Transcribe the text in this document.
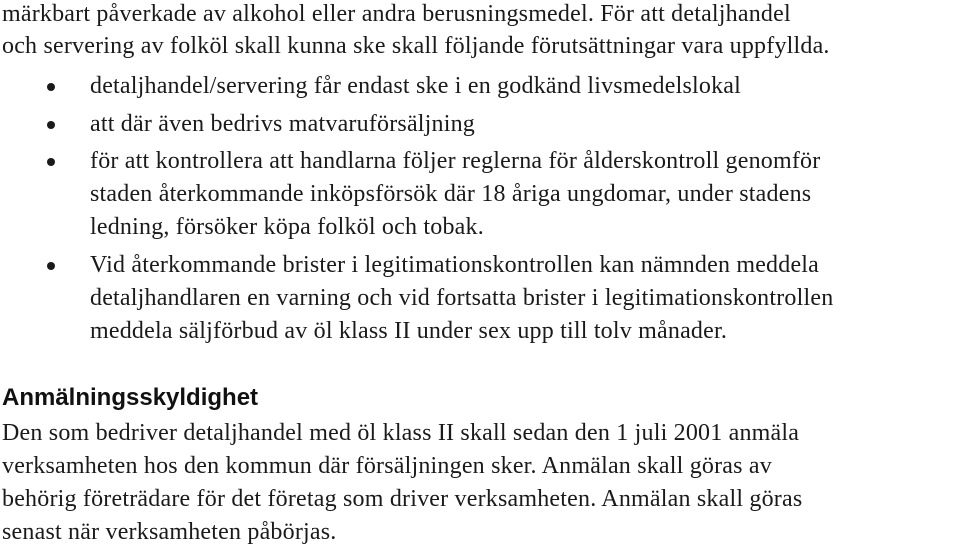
märkbart påverkade av alkohol eller andra berusningsmedel. För att detaljhandel
och servering av folköl skall kunna ske skall följande förutsättningar vara uppfyllda.
detaljhandel/servering får endast ske i en godkänd livsmedelslokal
att där även bedrivs matvaruförsäljning
för att kontrollera att handlarna följer reglerna för ålderskontroll genomför
staden återkommande inköpsförsök där 18 åriga ungdomar, under stadens
ledning, försöker köpa folköl och tobak.
Vid återkommande brister i legitimationskontrollen kan nämnden meddela
detaljhandlaren en varning och vid fortsatta brister i legitimationskontrollen
meddela säljförbud av öl klass II under sex upp till tolv månader.
Anmälningsskyldighet
Den som bedriver detaljhandel med öl klass II skall sedan den 1 juli 2001 anmäla
verksamheten hos den kommun där försäljningen sker. Anmälan skall göras av
behörig företrädare för det företag som driver verksamheten. Anmälan skall göras
senast när verksamheten påbörjas.
